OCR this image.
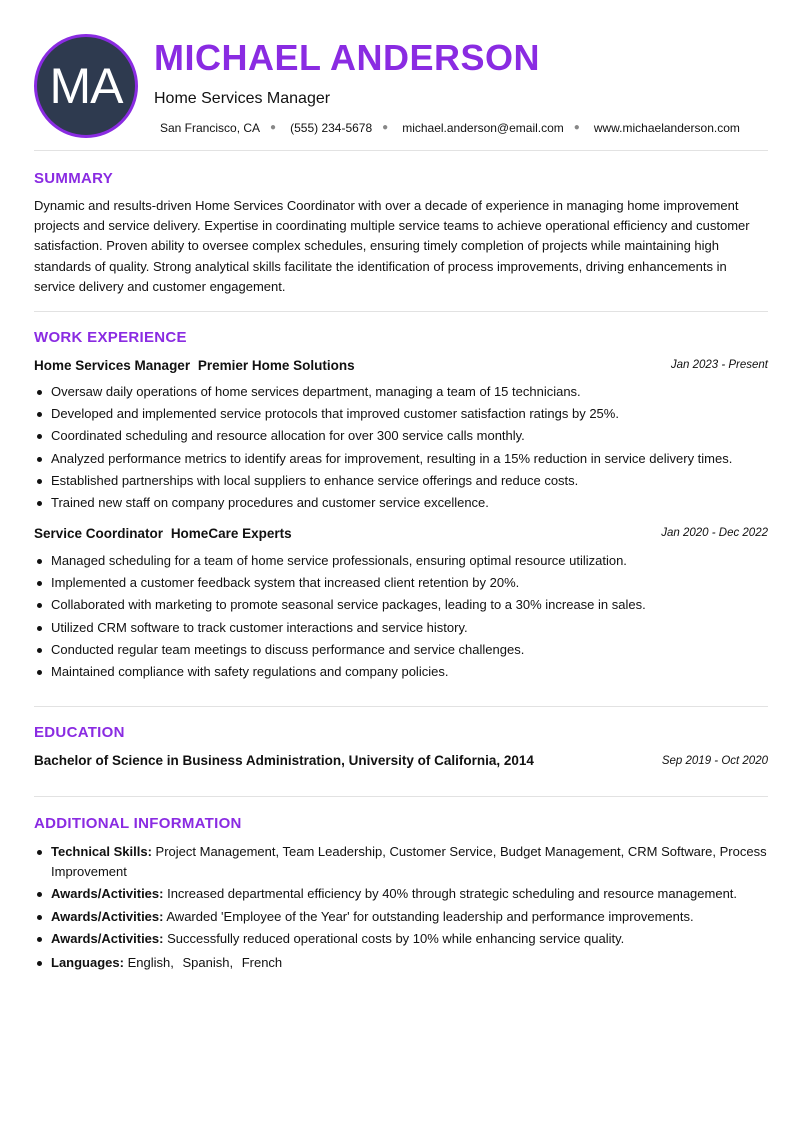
MA
MICHAEL ANDERSON
Home Services Manager
San Francisco, CA ● (555) 234-5678 ● michael.anderson@email.com ● www.michaelanderson.com
SUMMARY

Dynamic and results-driven Home Services Coordinator with over a decade of experience in managing home improvement projects and service delivery. Expertise in coordinating multiple service teams to achieve operational efficiency and customer satisfaction. Proven ability to oversee complex schedules, ensuring timely completion of projects while maintaining high standards of quality. Strong analytical skills facilitate the identification of process improvements, driving enhancements in service delivery and customer engagement.

WORK EXPERIENCE
Home Services Manager Premier Home Solutions	Jan 2023 - Present
Oversaw daily operations of home services department, managing a team of 15 technicians.
Developed and implemented service protocols that improved customer satisfaction ratings by 25%.
Coordinated scheduling and resource allocation for over 300 service calls monthly.
Analyzed performance metrics to identify areas for improvement, resulting in a 15% reduction in service delivery times.
Established partnerships with local suppliers to enhance service offerings and reduce costs.
Trained new staff on company procedures and customer service excellence.
Service Coordinator HomeCare Experts	Jan 2020 - Dec 2022
Managed scheduling for a team of home service professionals, ensuring optimal resource utilization.
Implemented a customer feedback system that increased client retention by 20%.
Collaborated with marketing to promote seasonal service packages, leading to a 30% increase in sales.
Utilized CRM software to track customer interactions and service history.
Conducted regular team meetings to discuss performance and service challenges.
Maintained compliance with safety regulations and company policies.
EDUCATION
Bachelor of Science in Business Administration, University of California, 2014	Sep 2019 - Oct 2020
ADDITIONAL INFORMATION
Technical Skills: Project Management, Team Leadership, Customer Service, Budget Management, CRM Software, Process Improvement
Awards/Activities: Increased departmental efficiency by 40% through strategic scheduling and resource management.
Awards/Activities: Awarded 'Employee of the Year' for outstanding leadership and performance improvements.
Awards/Activities: Successfully reduced operational costs by 10% while enhancing service quality.
Languages: English, Spanish, French
